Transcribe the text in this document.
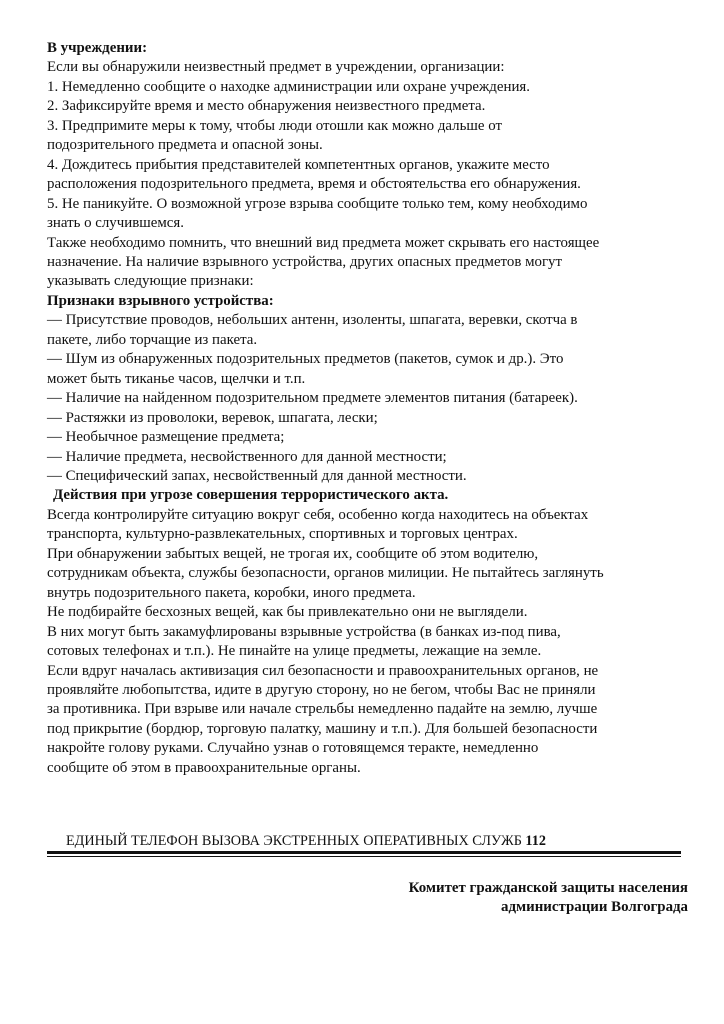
В учреждении:
Если вы обнаружили неизвестный предмет в учреждении, организации:
1. Немедленно сообщите о находке администрации или охране учреждения.
2. Зафиксируйте время и место обнаружения неизвестного предмета.
3. Предпримите меры к тому, чтобы люди отошли как можно дальше от
подозрительного предмета и опасной зоны.
4. Дождитесь прибытия представителей компетентных органов, укажите место
расположения подозрительного предмета, время и обстоятельства его обнаружения.
5. Не паникуйте. О возможной угрозе взрыва сообщите только тем, кому необходимо
знать о случившемся.
Также необходимо помнить, что внешний вид предмета может скрывать его настоящее
назначение. На наличие взрывного устройства, других опасных предметов могут
указывать следующие признаки:
Признаки взрывного устройства:
— Присутствие проводов, небольших антенн, изоленты, шпагата, веревки, скотча в
пакете, либо торчащие из пакета.
— Шум из обнаруженных подозрительных предметов (пакетов, сумок и др.). Это
может быть тиканье часов, щелчки и т.п.
— Наличие на найденном подозрительном предмете элементов питания (батареек).
— Растяжки из проволоки, веревок, шпагата, лески;
— Необычное размещение предмета;
— Наличие предмета, несвойственного для данной местности;
— Специфический запах, несвойственный для данной местности.
Действия при угрозе совершения террористического акта.
Всегда контролируйте ситуацию вокруг себя, особенно когда находитесь на объектах
транспорта, культурно-развлекательных, спортивных и торговых центрах.
При обнаружении забытых вещей, не трогая их, сообщите об этом водителю,
сотрудникам объекта, службы безопасности, органов милиции. Не пытайтесь заглянуть
внутрь подозрительного пакета, коробки, иного предмета.
Не подбирайте бесхозных вещей, как бы привлекательно они не выглядели.
В них могут быть закамуфлированы взрывные устройства (в банках из-под пива,
сотовых телефонах и т.п.). Не пинайте на улице предметы, лежащие на земле.
Если вдруг началась активизация сил безопасности и правоохранительных органов, не
проявляйте любопытства, идите в другую сторону, но не бегом, чтобы Вас не приняли
за противника. При взрыве или начале стрельбы немедленно падайте на землю, лучше
под прикрытие (бордюр, торговую палатку, машину и т.п.). Для большей безопасности
накройте голову руками. Случайно узнав о готовящемся теракте, немедленно
сообщите об этом в правоохранительные органы.
ЕДИНЫЙ ТЕЛЕФОН ВЫЗОВА ЭКСТРЕННЫХ ОПЕРАТИВНЫХ СЛУЖБ 112
Комитет гражданской защиты населения
администрации Волгограда
